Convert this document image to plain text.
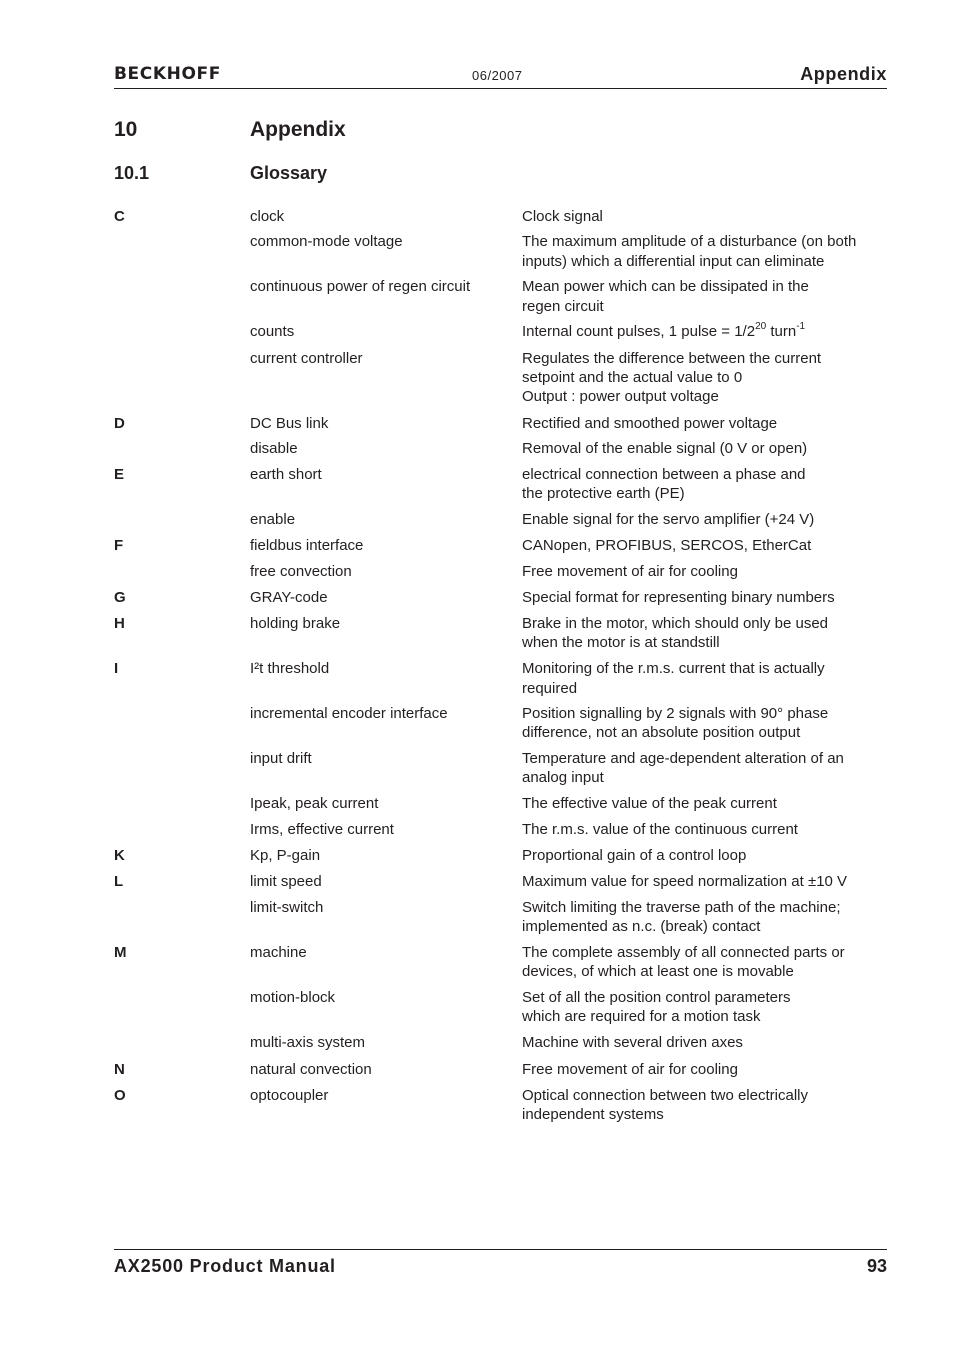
BECKHOFF	06/2007	Appendix
10	Appendix
10.1	Glossary
C	clock	Clock signal
common-mode voltage	The maximum amplitude of a disturbance (on both
inputs) which a differential input can eliminate
continuous power of regen circuit	Mean power which can be dissipated in the
regen circuit
counts	Internal count pulses, 1 pulse = $1/2^{20}$ turn$^{-1}$
current controller	Regulates the difference between the current
setpoint and the actual value to 0
Output : power output voltage
D	DC Bus link	Rectified and smoothed power voltage
disable	Removal of the enable signal (0 V or open)
E	earth short	electrical connection between a phase and
the protective earth (PE)
enable	Enable signal for the servo amplifier (+24 V)
F	fieldbus interface	CANopen, PROFIBUS, SERCOS, EtherCat
free convection	Free movement of air for cooling
G	GRAY-code	Special format for representing binary numbers
H	holding brake	Brake in the motor, which should only be used
when the motor is at standstill
I	I²t threshold	Monitoring of the r.m.s. current that is actually
required
incremental encoder interface	Position signalling by 2 signals with 90° phase
difference, not an absolute position output
input drift	Temperature and age-dependent alteration of an
analog input
Ipeak, peak current	The effective value of the peak current
Irms, effective current	The r.m.s. value of the continuous current
K	Kp, P-gain	Proportional gain of a control loop
L	limit speed	Maximum value for speed normalization at ±10 V
limit-switch	Switch limiting the traverse path of the machine;
implemented as n.c. (break) contact
M	machine	The complete assembly of all connected parts or
devices, of which at least one is movable
motion-block	Set of all the position control parameters
which are required for a motion task
multi-axis system	Machine with several driven axes
N	natural convection	Free movement of air for cooling
O	optocoupler	Optical connection between two electrically
independent systems
AX2500 Product Manual	93
